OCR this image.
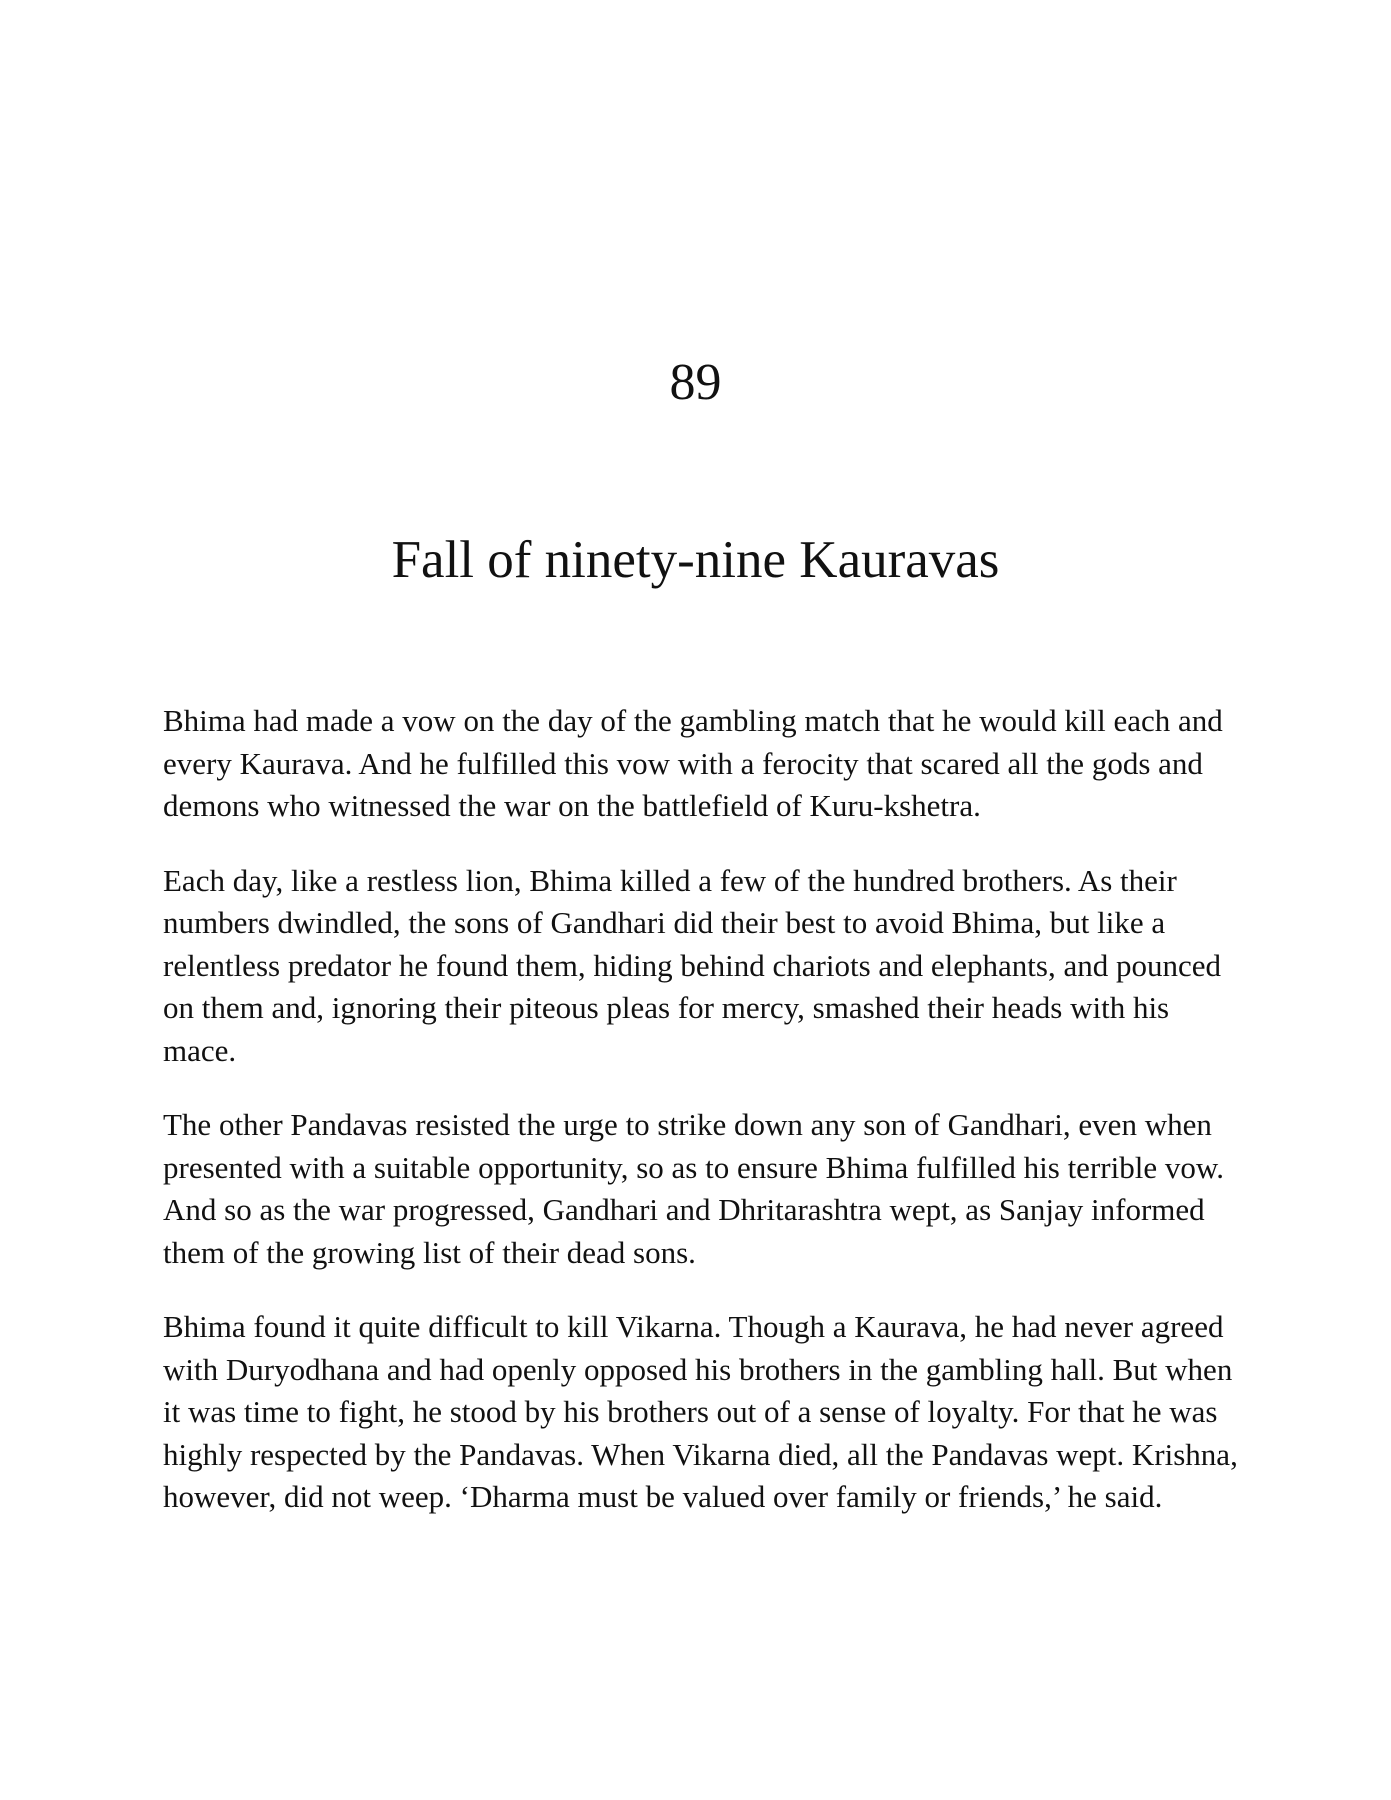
89
Fall of ninety-nine Kauravas

Bhima had made a vow on the day of the gambling match that he would kill each and every Kaurava. And he fulfilled this vow with a ferocity that scared all the gods and demons who witnessed the war on the battlefield of Kuru-kshetra.

Each day, like a restless lion, Bhima killed a few of the hundred brothers. As their numbers dwindled, the sons of Gandhari did their best to avoid Bhima, but like a relentless predator he found them, hiding behind chariots and elephants, and pounced on them and, ignoring their piteous pleas for mercy, smashed their heads with his mace.

The other Pandavas resisted the urge to strike down any son of Gandhari, even when presented with a suitable opportunity, so as to ensure Bhima fulfilled his terrible vow. And so as the war progressed, Gandhari and Dhritarashtra wept, as Sanjay informed them of the growing list of their dead sons.

Bhima found it quite difficult to kill Vikarna. Though a Kaurava, he had never agreed with Duryodhana and had openly opposed his brothers in the gambling hall. But when it was time to fight, he stood by his brothers out of a sense of loyalty. For that he was highly respected by the Pandavas. When Vikarna died, all the Pandavas wept. Krishna, however, did not weep. ‘Dharma must be valued over family or friends,’ he said.
